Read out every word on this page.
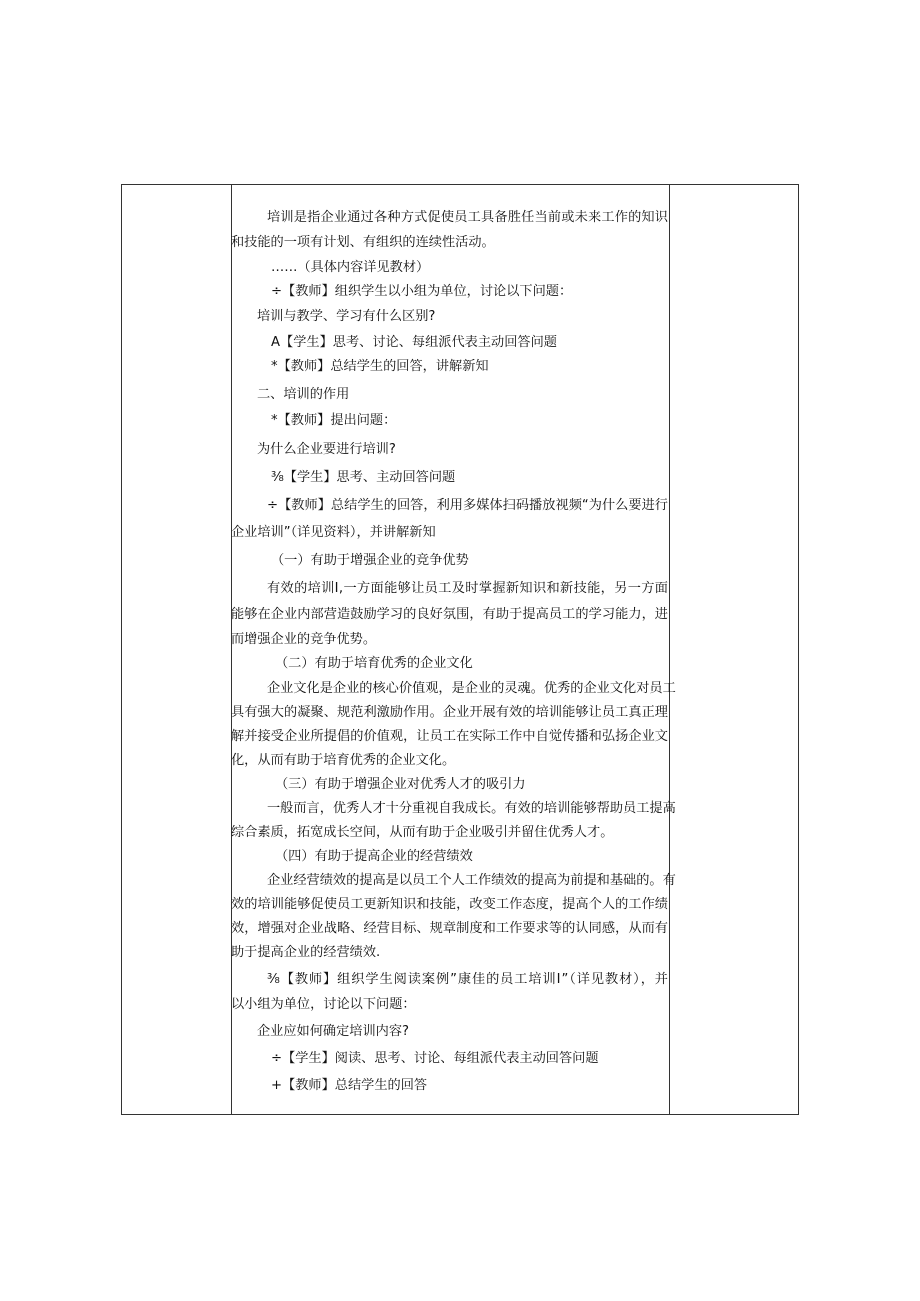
培训是指企业通过各种方式促使员工具备胜任当前或未来工作的知识
和技能的一项有计划、有组织的连续性活动。
……（具体内容详见教材）
÷【教师】组织学生以小组为单位，讨论以下问题：
培训与教学、学习有什么区别?
A【学生】思考、讨论、每组派代表主动回答问题
*【教师】总结学生的回答，讲解新知
二、培训的作用
*【教师】提出问题：
为什么企业要进行培训?
⅜【学生】思考、主动回答问题
÷【教师】总结学生的回答，利用多媒体扫码播放视频“为什么要进行
企业培训”（详见资料），并讲解新知
（一）有助于增强企业的竞争优势
有效的培训Ⅰ,一方面能够让员工及时掌握新知识和新技能，另一方面
能够在企业内部营造鼓励学习的良好氛围，有助于提高员工的学习能力，进
而增强企业的竞争优势。
（二）有助于培育优秀的企业文化
企业文化是企业的核心价值观，是企业的灵魂。优秀的企业文化对员工
具有强大的凝聚、规范利激励作用。企业开展有效的培训能够让员工真正理
解并接受企业所提倡的价值观，让员工在实际工作中自觉传播和弘扬企业文
化，从而有助于培育优秀的企业文化。
（三）有助于增强企业对优秀人才的吸引力
一般而言，优秀人才十分重视自我成长。有效的培训能够帮助员工提高
综合素质，拓宽成长空间，从而有助于企业吸引并留住优秀人才。
（四）有助于提高企业的经营绩效
企业经营绩效的提高是以员工个人工作绩效的提高为前提和基础的。有
效的培训能够促使员工更新知识和技能，改变工作态度，提高个人的工作绩
效，增强对企业战略、经营目标、规章制度和工作要求等的认同感，从而有
助于提高企业的经营绩效.
⅜【教师】组织学生阅读案例”康佳的员工培训Ⅰ”（详见教材），并
以小组为单位，讨论以下问题：
企业应如何确定培训内容?
÷【学生】阅读、思考、讨论、每组派代表主动回答问题
+【教师】总结学生的回答
